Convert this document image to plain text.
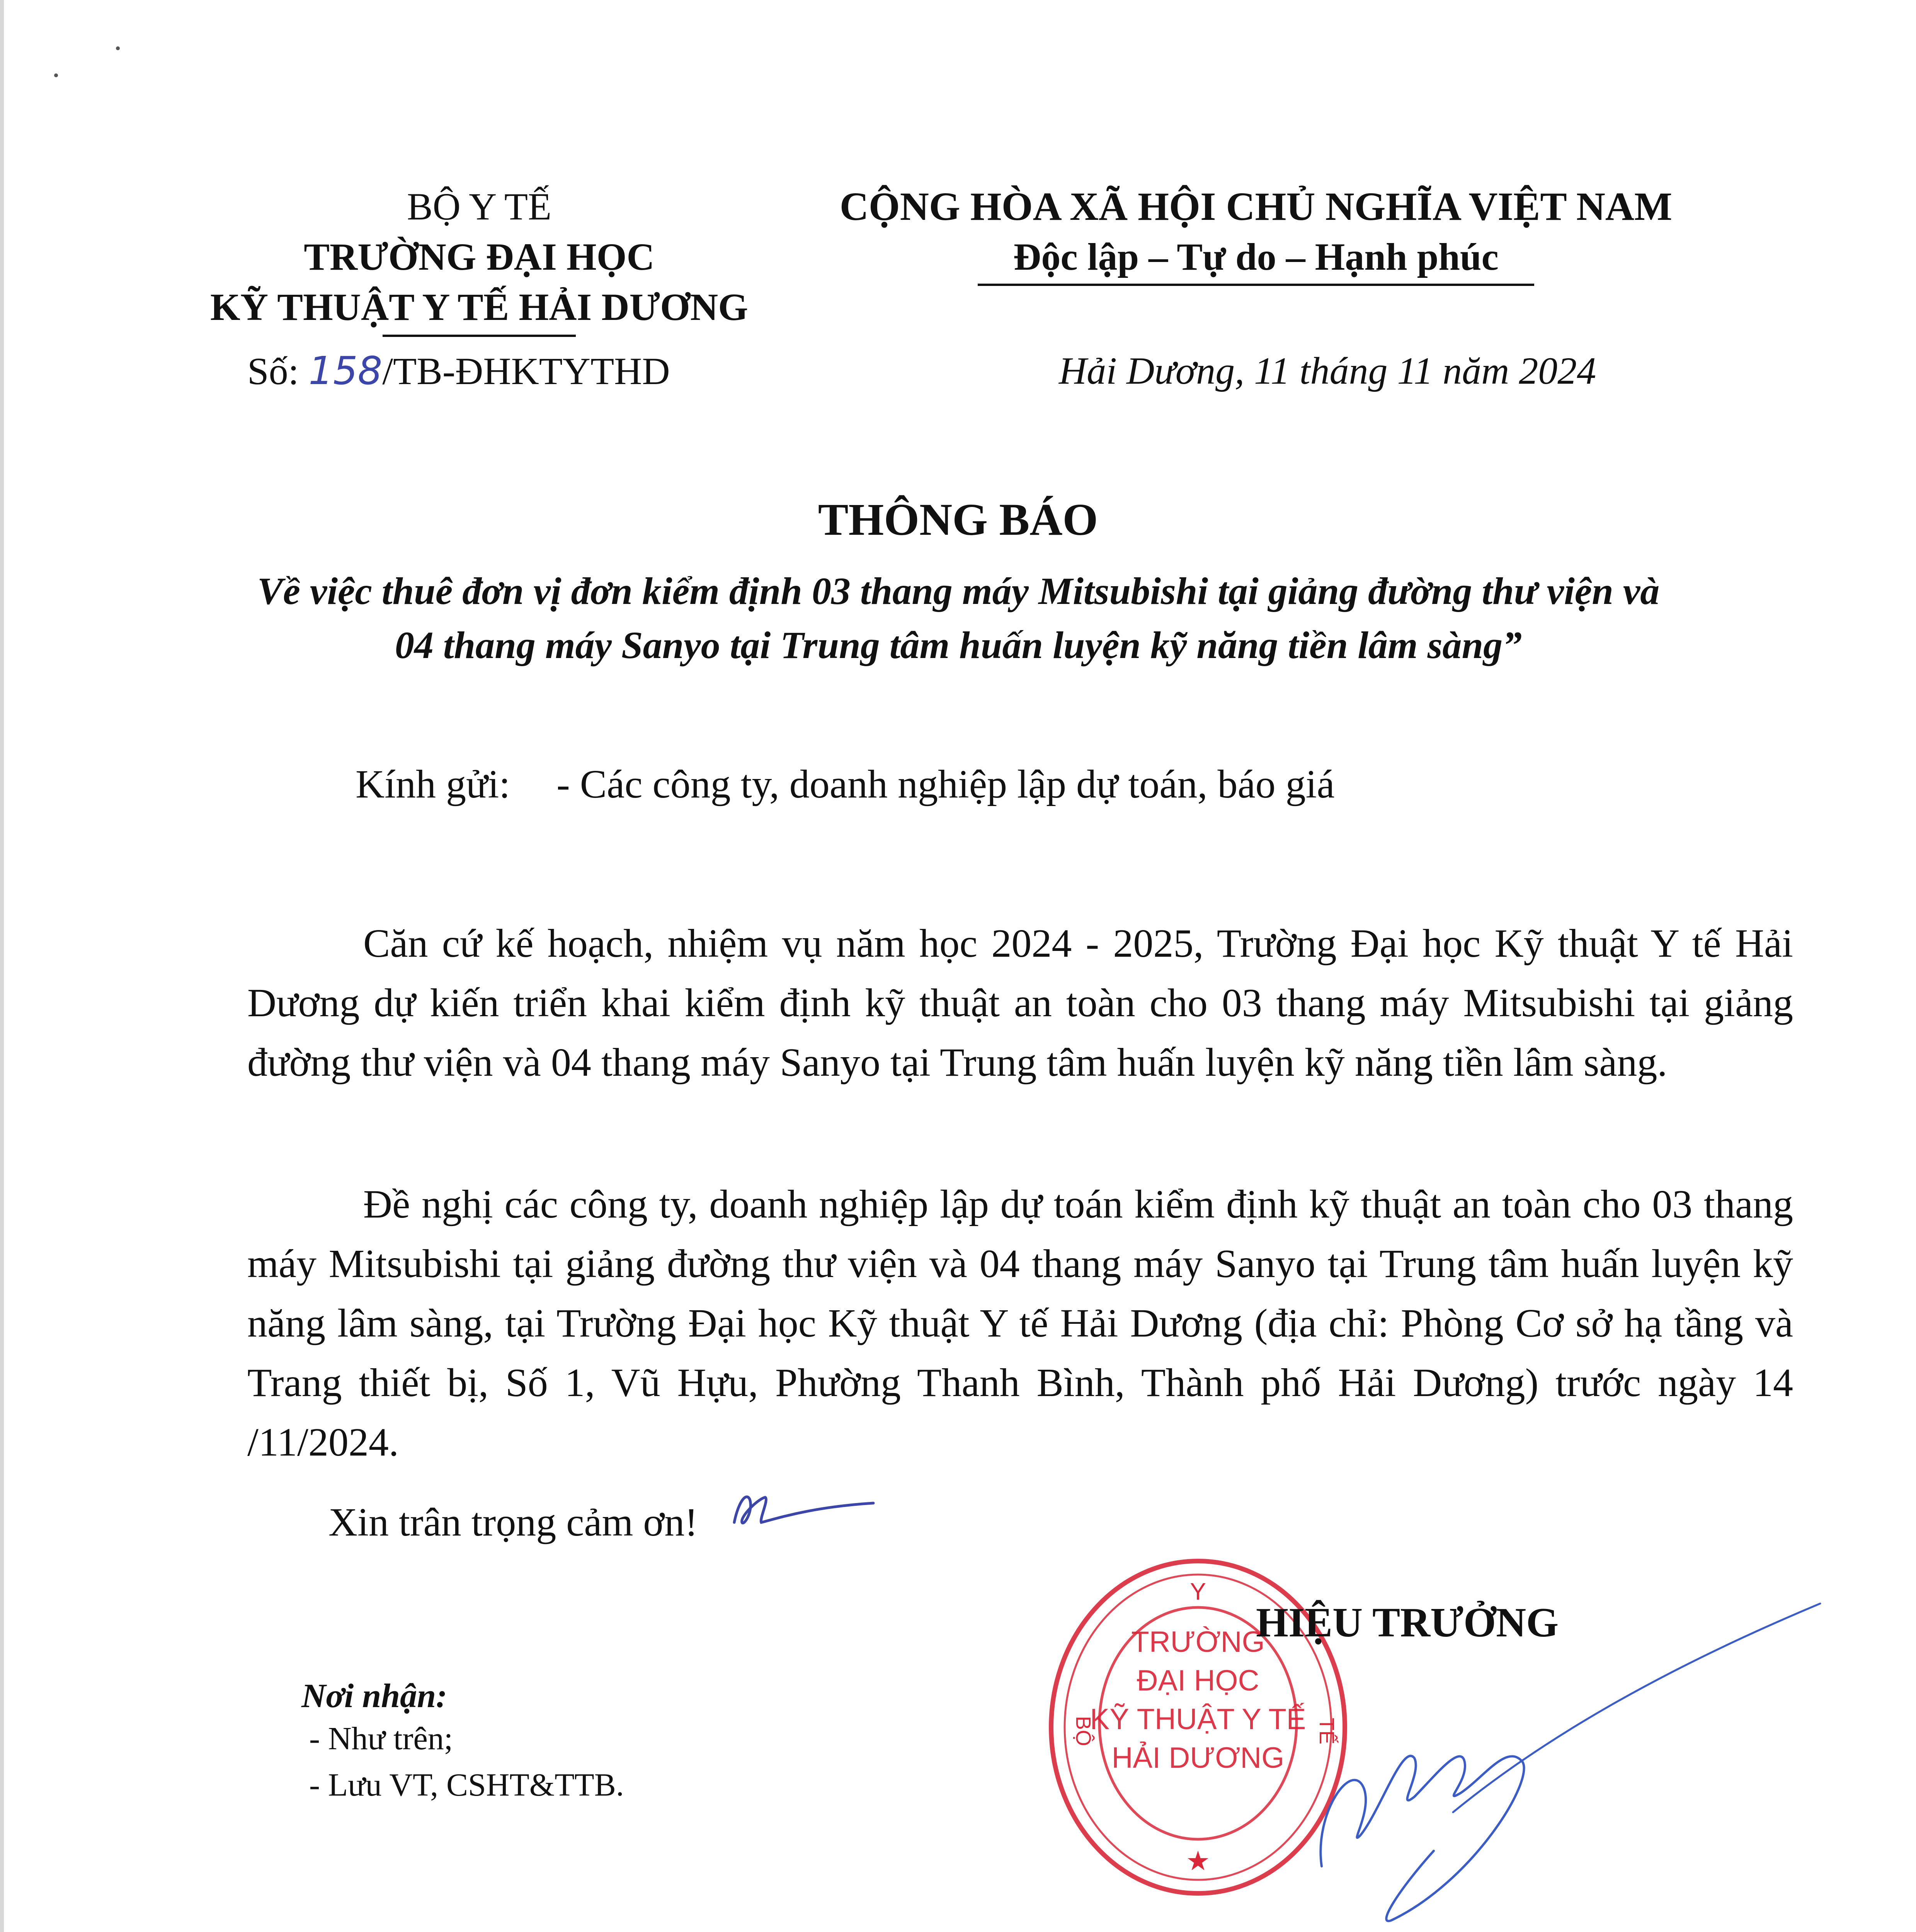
BỘ Y TẾ
TRƯỜNG ĐẠI HỌC
KỸ THUẬT Y TẾ HẢI DƯƠNG
CỘNG HÒA XÃ HỘI CHỦ NGHĨA VIỆT NAM
Độc lập – Tự do – Hạnh phúc
Số: 158/TB-ĐHKTYTHD	Hải Dương, 11 tháng 11 năm 2024
THÔNG BÁO
Về việc thuê đơn vị đơn kiểm định 03 thang máy Mitsubishi tại giảng đường thư viện và
04 thang máy Sanyo tại Trung tâm huấn luyện kỹ năng tiền lâm sàng”
Kính gửi: - Các công ty, doanh nghiệp lập dự toán, báo giá
Căn cứ kế hoạch, nhiệm vụ năm học 2024 - 2025, Trường Đại học Kỹ thuật Y tế Hải Dương dự kiến triển khai kiểm định kỹ thuật an toàn cho 03 thang máy Mitsubishi tại giảng đường thư viện và 04 thang máy Sanyo tại Trung tâm huấn luyện kỹ năng tiền lâm sàng.
Đề nghị các công ty, doanh nghiệp lập dự toán kiểm định kỹ thuật an toàn cho 03 thang máy Mitsubishi tại giảng đường thư viện và 04 thang máy Sanyo tại Trung tâm huấn luyện kỹ năng lâm sàng, tại Trường Đại học Kỹ thuật Y tế Hải Dương (địa chỉ: Phòng Cơ sở hạ tầng và Trang thiết bị, Số 1, Vũ Hựu, Phường Thanh Bình, Thành phố Hải Dương) trước ngày 14 /11/2024.
Xin trân trọng cảm ơn!
Nơi nhận:
- Như trên;
- Lưu VT, CSHT&TTB.
Y
BỘ	TẾ
★
TRƯỜNG
ĐẠI HỌC
KỸ THUẬT Y TẾ
HẢI DƯƠNG
HIỆU TRƯỞNG
